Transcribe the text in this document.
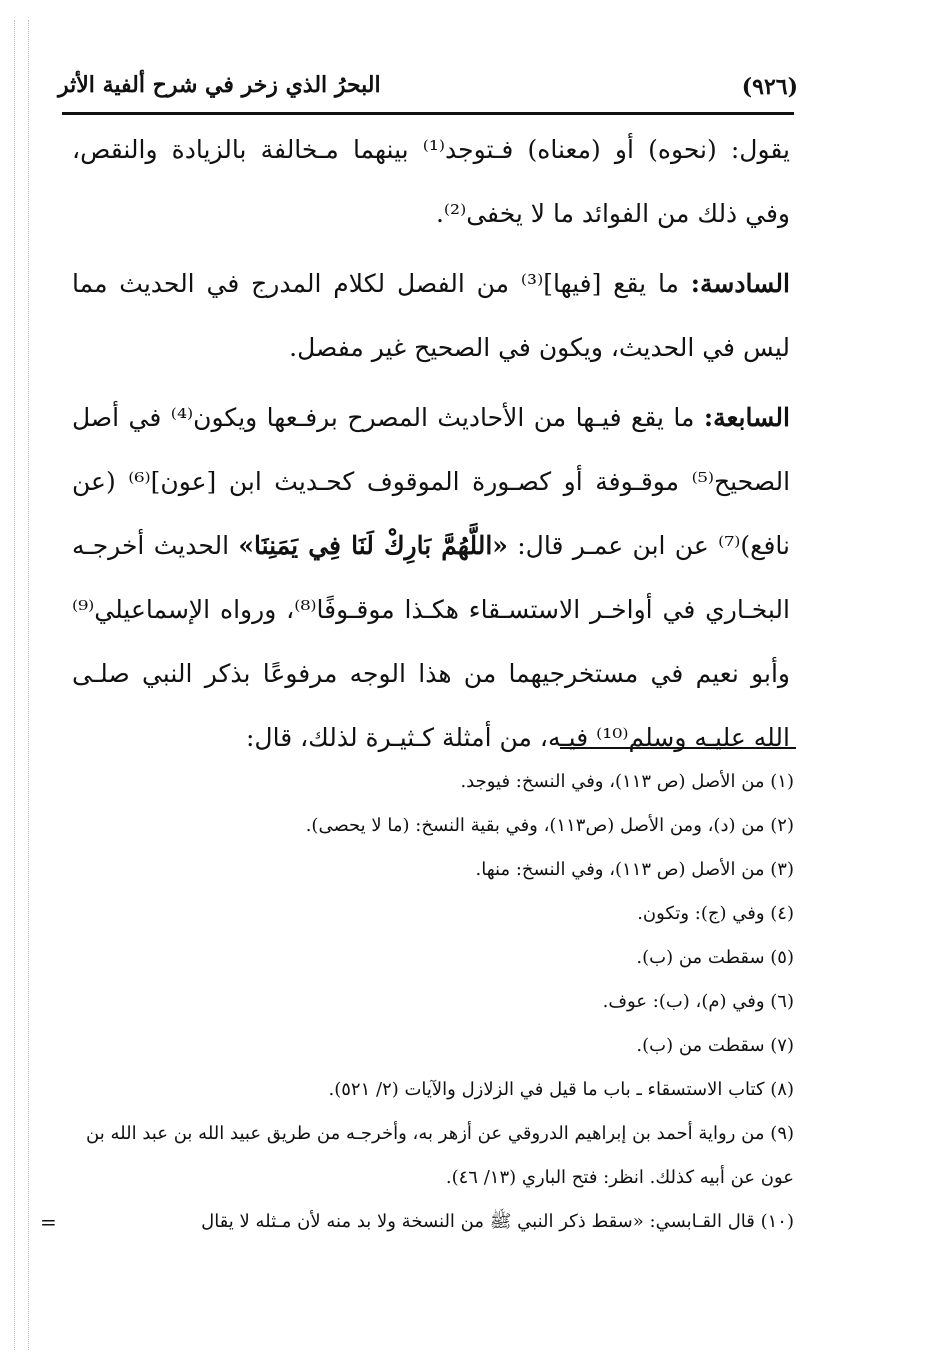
(٩٢٦)
البحرُ الذي زخر في شرح ألفية الأثر

يقول: (نحوه) أو (معناه) فـتوجد⁽¹⁾ بينهما مـخالفة بالزيادة والنقص، وفي ذلك من الفوائد ما لا يخفى⁽²⁾.

السادسة: ما يقع [فيها]⁽³⁾ من الفصل لكلام المدرج في الحديث مما ليس في الحديث، ويكون في الصحيح غير مفصل.

السابعة: ما يقع فيـها من الأحاديث المصرح برفـعها ويكون⁽⁴⁾ في أصل الصحيح⁽⁵⁾ موقـوفة أو كصـورة الموقوف كحـديث ابن [عون]⁽⁶⁾ (عن نافع)⁽⁷⁾ عن ابن عمـر قال: «اللَّهُمَّ بَارِكْ لَنَا فِي يَمَنِنَا» الحديث أخرجـه البخـاري في أواخـر الاستسـقاء هكـذا موقـوفًا⁽⁸⁾، ورواه الإسماعيلي⁽⁹⁾ وأبو نعيم في مستخرجيهما من هذا الوجه مرفوعًا بذكر النبي صلـى الله عليـه وسلم⁽¹⁰⁾ فيـه، من أمثلة كـثيـرة لذلك، قال:

(١) من الأصل (ص ١١٣)، وفي النسخ: فيوجد.

(٢) من (د)، ومن الأصل (ص١١٣)، وفي بقية النسخ: (ما لا يحصى).

(٣) من الأصل (ص ١١٣)، وفي النسخ: منها.

(٤) وفي (ج): وتكون.

(٥) سقطت من (ب).

(٦) وفي (م)، (ب): عوف.

(٧) سقطت من (ب).

(٨) كتاب الاستسقاء ـ باب ما قيل في الزلازل والآيات (٢/ ٥٢١).

(٩) من رواية أحمد بن إبراهيم الدروقي عن أزهر به، وأخرجـه من طريق عبيد الله بن عبد الله بن عون عن أبيه كذلك. انظر: فتح الباري (١٣/ ٤٦).

(١٠) قال القـابسي: «سقط ذكر النبي ﷺ من النسخة ولا بد منه لأن مـثله لا يقال

=
